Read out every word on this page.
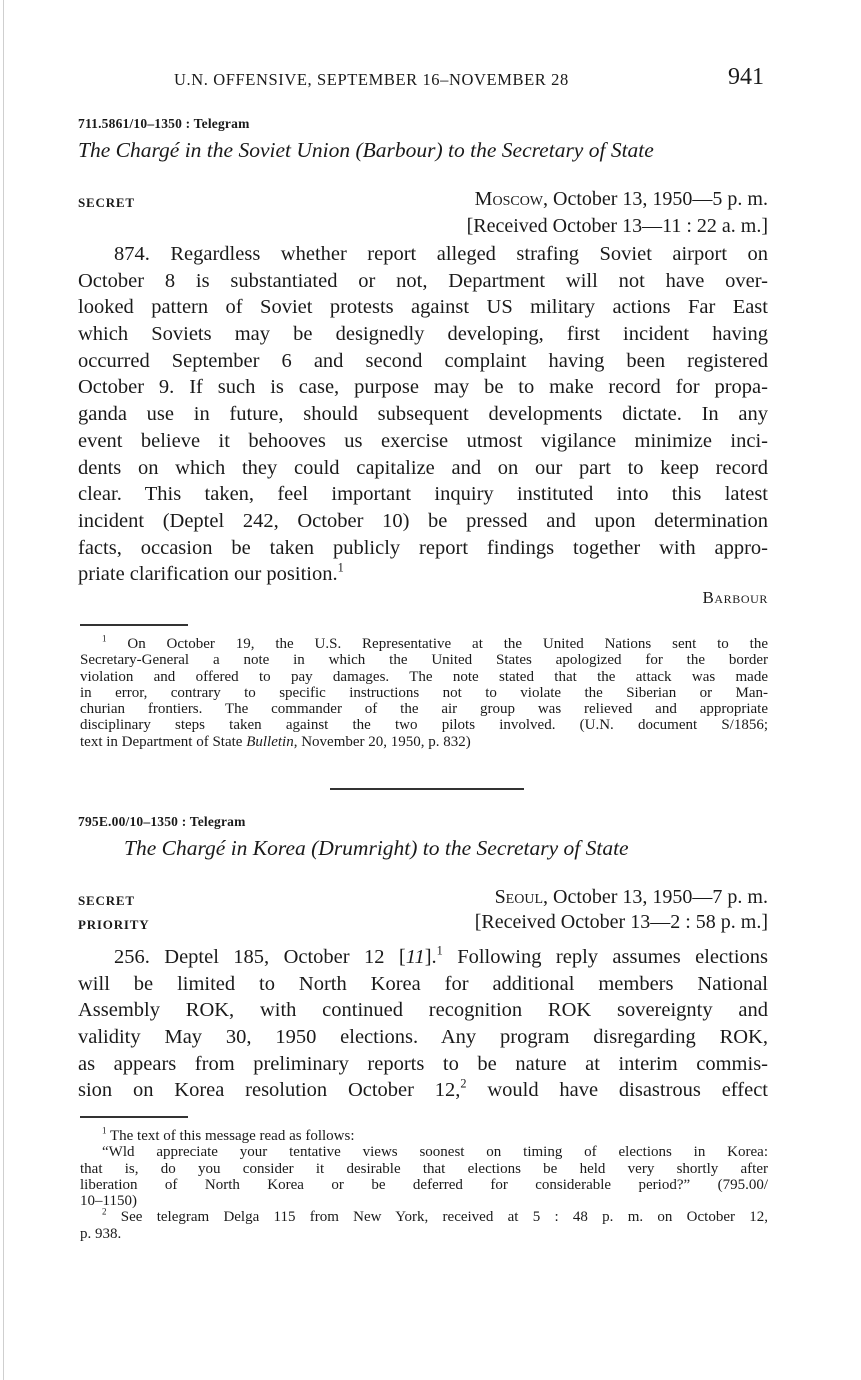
U.N. OFFENSIVE, SEPTEMBER 16–NOVEMBER 28	941
711.5861/10–1350 : Telegram
The Chargé in the Soviet Union (Barbour) to the Secretary of State
SECRET	Moscow, October 13, 1950—5 p. m.
[Received October 13—11 : 22 a. m.]
874. Regardless whether report alleged strafing Soviet airport on
October 8 is substantiated or not, Department will not have over-
looked pattern of Soviet protests against US military actions Far East
which Soviets may be designedly developing, first incident having
occurred September 6 and second complaint having been registered
October 9. If such is case, purpose may be to make record for propa-
ganda use in future, should subsequent developments dictate. In any
event believe it behooves us exercise utmost vigilance minimize inci-
dents on which they could capitalize and on our part to keep record
clear. This taken, feel important inquiry instituted into this latest
incident (Deptel 242, October 10) be pressed and upon determination
facts, occasion be taken publicly report findings together with appro-
priate clarification our position.$^1$
Barbour
$^1$ On October 19, the U.S. Representative at the United Nations sent to the
Secretary-General a note in which the United States apologized for the border
violation and offered to pay damages. The note stated that the attack was made
in error, contrary to specific instructions not to violate the Siberian or Man-
churian frontiers. The commander of the air group was relieved and appropriate
disciplinary steps taken against the two pilots involved. (U.N. document S/1856;
text in Department of State Bulletin, November 20, 1950, p. 832)
795E.00/10–1350 : Telegram
The Chargé in Korea (Drumright) to the Secretary of State
SECRET
PRIORITY
Seoul, October 13, 1950—7 p. m.
[Received October 13—2 : 58 p. m.]
256. Deptel 185, October 12 [11].$^1$ Following reply assumes elections
will be limited to North Korea for additional members National
Assembly ROK, with continued recognition ROK sovereignty and
validity May 30, 1950 elections. Any program disregarding ROK,
as appears from preliminary reports to be nature at interim commis-
sion on Korea resolution October 12,$^2$ would have disastrous effect
$^1$ The text of this message read as follows:
“Wld appreciate your tentative views soonest on timing of elections in Korea:
that is, do you consider it desirable that elections be held very shortly after
liberation of North Korea or be deferred for considerable period?” (795.00/
10–1150)
$^2$ See telegram Delga 115 from New York, received at 5 : 48 p. m. on October 12,
p. 938.
